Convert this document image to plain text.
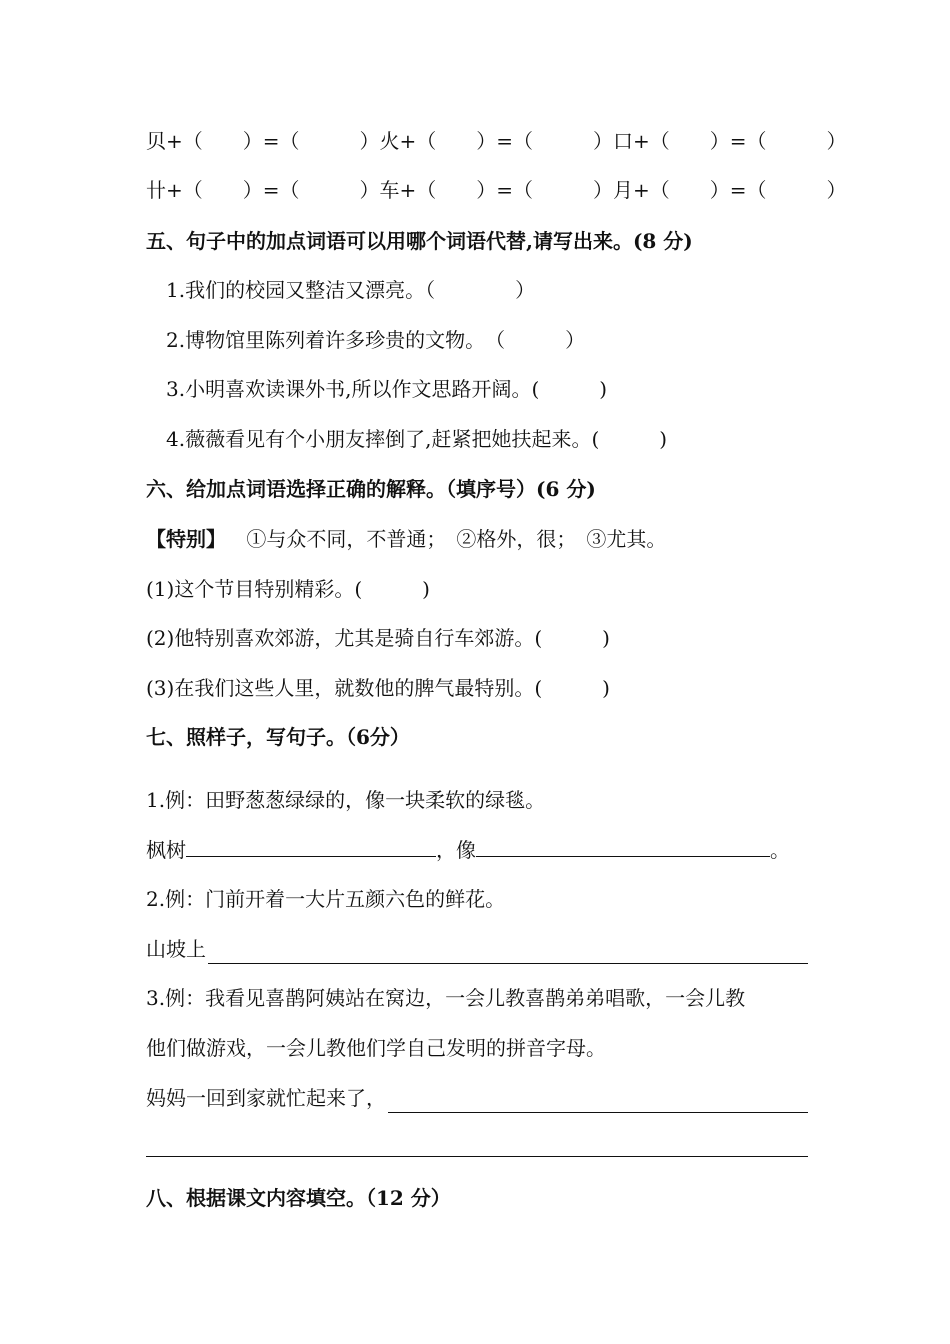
贝+（　　）=（　　　） 火+（　　）=（　　　） 口+（　　）=（　　　）
卄+（　　）=（　　　） 车+（　　）=（　　　） 月+（　　）=（　　　）
五、句子中的加点词语可以用哪个词语代替,请写出来。(8 分)
1.我们的校园又整洁又漂亮。（　　　　）
2.博物馆里陈列着许多珍贵的文物。　（　　　）
3.小明喜欢读课外书,所以作文思路开阔。(　　　)
4.薇薇看见有个小朋友摔倒了,赶紧把她扶起来。(　　　)
六、给加点词语选择正确的解释。（填序号）(6 分)
【特别】 ①与众不同，不普通；　②格外，很；　③尤其。
(1)这个节目特别精彩。(　　　)
(2)他特别喜欢郊游，尤其是骑自行车郊游。(　　　)
(3)在我们这些人里，就数他的脾气最特别。(　　　)
七、照样子，写句子。（6分）
1.例：田野葱葱绿绿的，像一块柔软的绿毯。
枫树	，像	。
2.例：门前开着一大片五颜六色的鲜花。
山坡上
3.例：我看见喜鹊阿姨站在窝边，一会儿教喜鹊弟弟唱歌，一会儿教
他们做游戏，一会儿教他们学自己发明的拼音字母。
妈妈一回到家就忙起来了，
八、根据课文内容填空。（12 分）
